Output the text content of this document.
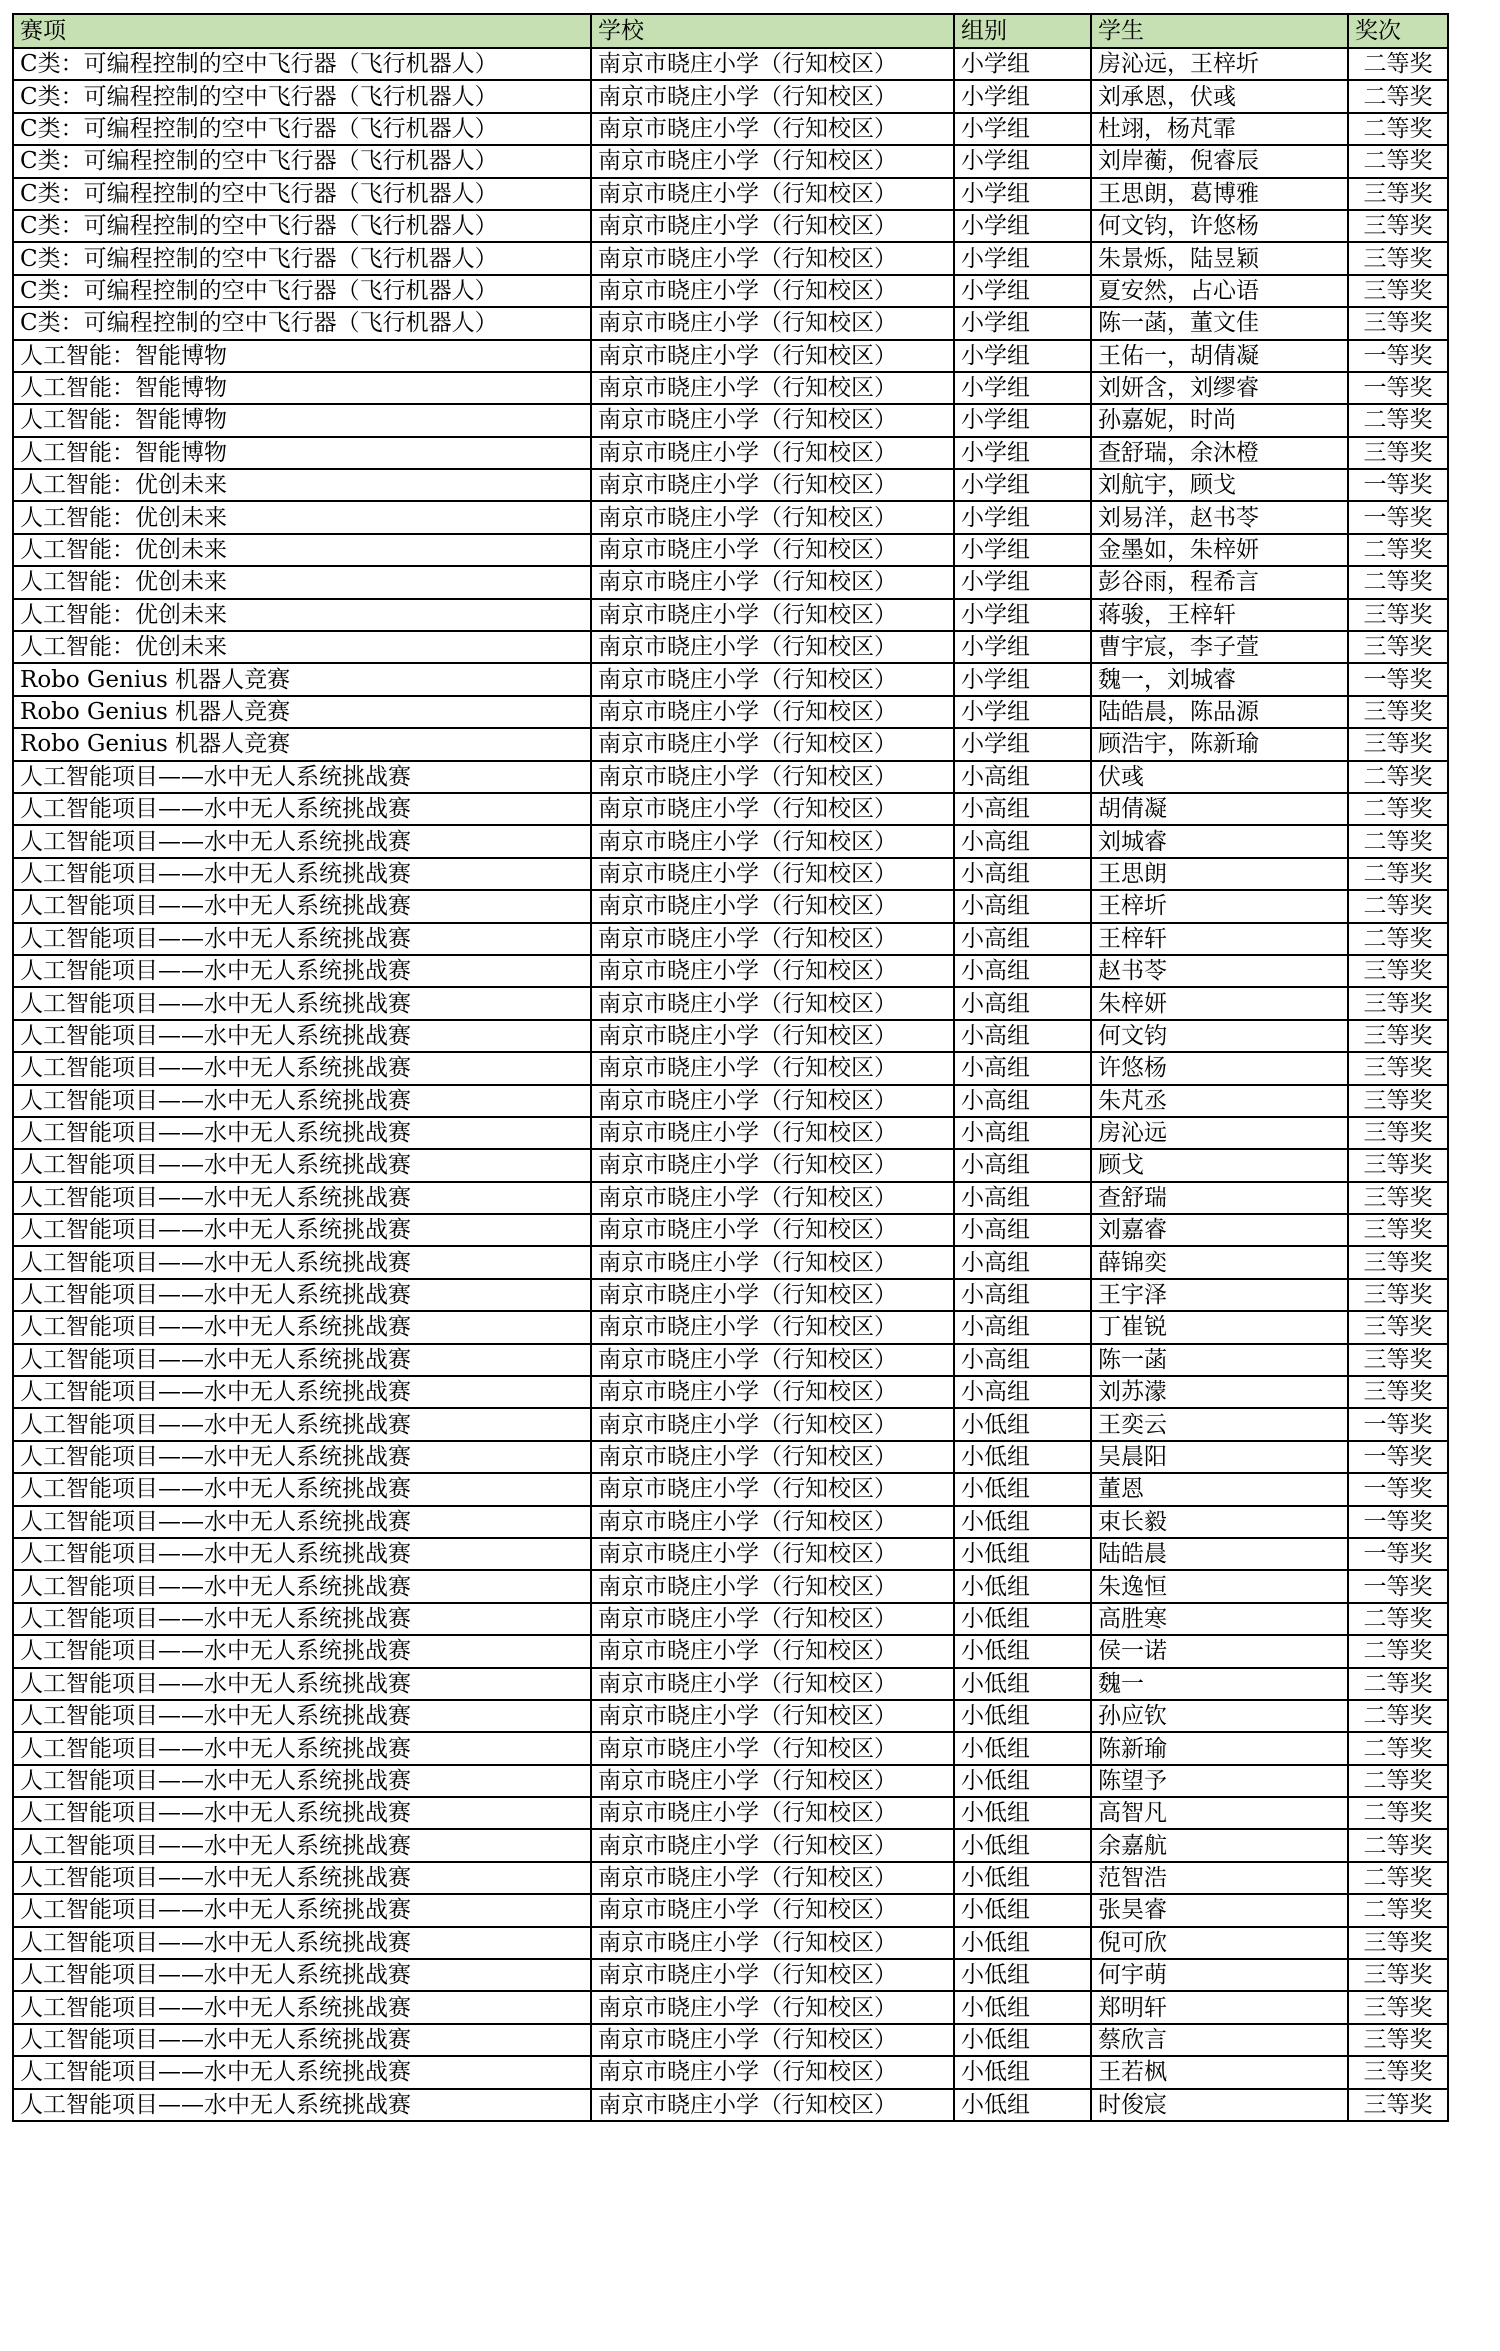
赛项	学校	组别	学生	奖次
C类：可编程控制的空中飞行器（飞行机器人）	南京市晓庄小学（行知校区）	小学组	房沁远，王梓圻	二等奖
C类：可编程控制的空中飞行器（飞行机器人）	南京市晓庄小学（行知校区）	小学组	刘承恩，伏彧	二等奖
C类：可编程控制的空中飞行器（飞行机器人）	南京市晓庄小学（行知校区）	小学组	杜翊，杨芃霏	二等奖
C类：可编程控制的空中飞行器（飞行机器人）	南京市晓庄小学（行知校区）	小学组	刘岸蘅，倪睿辰	二等奖
C类：可编程控制的空中飞行器（飞行机器人）	南京市晓庄小学（行知校区）	小学组	王思朗，葛博雅	三等奖
C类：可编程控制的空中飞行器（飞行机器人）	南京市晓庄小学（行知校区）	小学组	何文钧，许悠杨	三等奖
C类：可编程控制的空中飞行器（飞行机器人）	南京市晓庄小学（行知校区）	小学组	朱景烁，陆昱颖	三等奖
C类：可编程控制的空中飞行器（飞行机器人）	南京市晓庄小学（行知校区）	小学组	夏安然，占心语	三等奖
C类：可编程控制的空中飞行器（飞行机器人）	南京市晓庄小学（行知校区）	小学组	陈一菡，董文佳	三等奖
人工智能：智能博物	南京市晓庄小学（行知校区）	小学组	王佑一，胡倩凝	一等奖
人工智能：智能博物	南京市晓庄小学（行知校区）	小学组	刘妍含，刘缪睿	一等奖
人工智能：智能博物	南京市晓庄小学（行知校区）	小学组	孙嘉妮，时尚	二等奖
人工智能：智能博物	南京市晓庄小学（行知校区）	小学组	查舒瑞，余沐橙	三等奖
人工智能：优创未来	南京市晓庄小学（行知校区）	小学组	刘航宇，顾戈	一等奖
人工智能：优创未来	南京市晓庄小学（行知校区）	小学组	刘易洋，赵书苓	一等奖
人工智能：优创未来	南京市晓庄小学（行知校区）	小学组	金墨如，朱梓妍	二等奖
人工智能：优创未来	南京市晓庄小学（行知校区）	小学组	彭谷雨，程希言	二等奖
人工智能：优创未来	南京市晓庄小学（行知校区）	小学组	蒋骏，王梓轩	三等奖
人工智能：优创未来	南京市晓庄小学（行知校区）	小学组	曹宇宸，李子萱	三等奖
Robo Genius 机器人竞赛	南京市晓庄小学（行知校区）	小学组	魏一，刘城睿	一等奖
Robo Genius 机器人竞赛	南京市晓庄小学（行知校区）	小学组	陆皓晨，陈品源	三等奖
Robo Genius 机器人竞赛	南京市晓庄小学（行知校区）	小学组	顾浩宇，陈新瑜	三等奖
人工智能项目——水中无人系统挑战赛	南京市晓庄小学（行知校区）	小高组	伏彧	二等奖
人工智能项目——水中无人系统挑战赛	南京市晓庄小学（行知校区）	小高组	胡倩凝	二等奖
人工智能项目——水中无人系统挑战赛	南京市晓庄小学（行知校区）	小高组	刘城睿	二等奖
人工智能项目——水中无人系统挑战赛	南京市晓庄小学（行知校区）	小高组	王思朗	二等奖
人工智能项目——水中无人系统挑战赛	南京市晓庄小学（行知校区）	小高组	王梓圻	二等奖
人工智能项目——水中无人系统挑战赛	南京市晓庄小学（行知校区）	小高组	王梓轩	二等奖
人工智能项目——水中无人系统挑战赛	南京市晓庄小学（行知校区）	小高组	赵书苓	三等奖
人工智能项目——水中无人系统挑战赛	南京市晓庄小学（行知校区）	小高组	朱梓妍	三等奖
人工智能项目——水中无人系统挑战赛	南京市晓庄小学（行知校区）	小高组	何文钧	三等奖
人工智能项目——水中无人系统挑战赛	南京市晓庄小学（行知校区）	小高组	许悠杨	三等奖
人工智能项目——水中无人系统挑战赛	南京市晓庄小学（行知校区）	小高组	朱芃丞	三等奖
人工智能项目——水中无人系统挑战赛	南京市晓庄小学（行知校区）	小高组	房沁远	三等奖
人工智能项目——水中无人系统挑战赛	南京市晓庄小学（行知校区）	小高组	顾戈	三等奖
人工智能项目——水中无人系统挑战赛	南京市晓庄小学（行知校区）	小高组	查舒瑞	三等奖
人工智能项目——水中无人系统挑战赛	南京市晓庄小学（行知校区）	小高组	刘嘉睿	三等奖
人工智能项目——水中无人系统挑战赛	南京市晓庄小学（行知校区）	小高组	薛锦奕	三等奖
人工智能项目——水中无人系统挑战赛	南京市晓庄小学（行知校区）	小高组	王宇泽	三等奖
人工智能项目——水中无人系统挑战赛	南京市晓庄小学（行知校区）	小高组	丁崔锐	三等奖
人工智能项目——水中无人系统挑战赛	南京市晓庄小学（行知校区）	小高组	陈一菡	三等奖
人工智能项目——水中无人系统挑战赛	南京市晓庄小学（行知校区）	小高组	刘苏濛	三等奖
人工智能项目——水中无人系统挑战赛	南京市晓庄小学（行知校区）	小低组	王奕云	一等奖
人工智能项目——水中无人系统挑战赛	南京市晓庄小学（行知校区）	小低组	吴晨阳	一等奖
人工智能项目——水中无人系统挑战赛	南京市晓庄小学（行知校区）	小低组	董恩	一等奖
人工智能项目——水中无人系统挑战赛	南京市晓庄小学（行知校区）	小低组	束长毅	一等奖
人工智能项目——水中无人系统挑战赛	南京市晓庄小学（行知校区）	小低组	陆皓晨	一等奖
人工智能项目——水中无人系统挑战赛	南京市晓庄小学（行知校区）	小低组	朱逸恒	一等奖
人工智能项目——水中无人系统挑战赛	南京市晓庄小学（行知校区）	小低组	高胜寒	二等奖
人工智能项目——水中无人系统挑战赛	南京市晓庄小学（行知校区）	小低组	侯一诺	二等奖
人工智能项目——水中无人系统挑战赛	南京市晓庄小学（行知校区）	小低组	魏一	二等奖
人工智能项目——水中无人系统挑战赛	南京市晓庄小学（行知校区）	小低组	孙应钦	二等奖
人工智能项目——水中无人系统挑战赛	南京市晓庄小学（行知校区）	小低组	陈新瑜	二等奖
人工智能项目——水中无人系统挑战赛	南京市晓庄小学（行知校区）	小低组	陈望予	二等奖
人工智能项目——水中无人系统挑战赛	南京市晓庄小学（行知校区）	小低组	高智凡	二等奖
人工智能项目——水中无人系统挑战赛	南京市晓庄小学（行知校区）	小低组	余嘉航	二等奖
人工智能项目——水中无人系统挑战赛	南京市晓庄小学（行知校区）	小低组	范智浩	二等奖
人工智能项目——水中无人系统挑战赛	南京市晓庄小学（行知校区）	小低组	张昊睿	二等奖
人工智能项目——水中无人系统挑战赛	南京市晓庄小学（行知校区）	小低组	倪可欣	三等奖
人工智能项目——水中无人系统挑战赛	南京市晓庄小学（行知校区）	小低组	何宇萌	三等奖
人工智能项目——水中无人系统挑战赛	南京市晓庄小学（行知校区）	小低组	郑明轩	三等奖
人工智能项目——水中无人系统挑战赛	南京市晓庄小学（行知校区）	小低组	蔡欣言	三等奖
人工智能项目——水中无人系统挑战赛	南京市晓庄小学（行知校区）	小低组	王若枫	三等奖
人工智能项目——水中无人系统挑战赛	南京市晓庄小学（行知校区）	小低组	时俊宸	三等奖
